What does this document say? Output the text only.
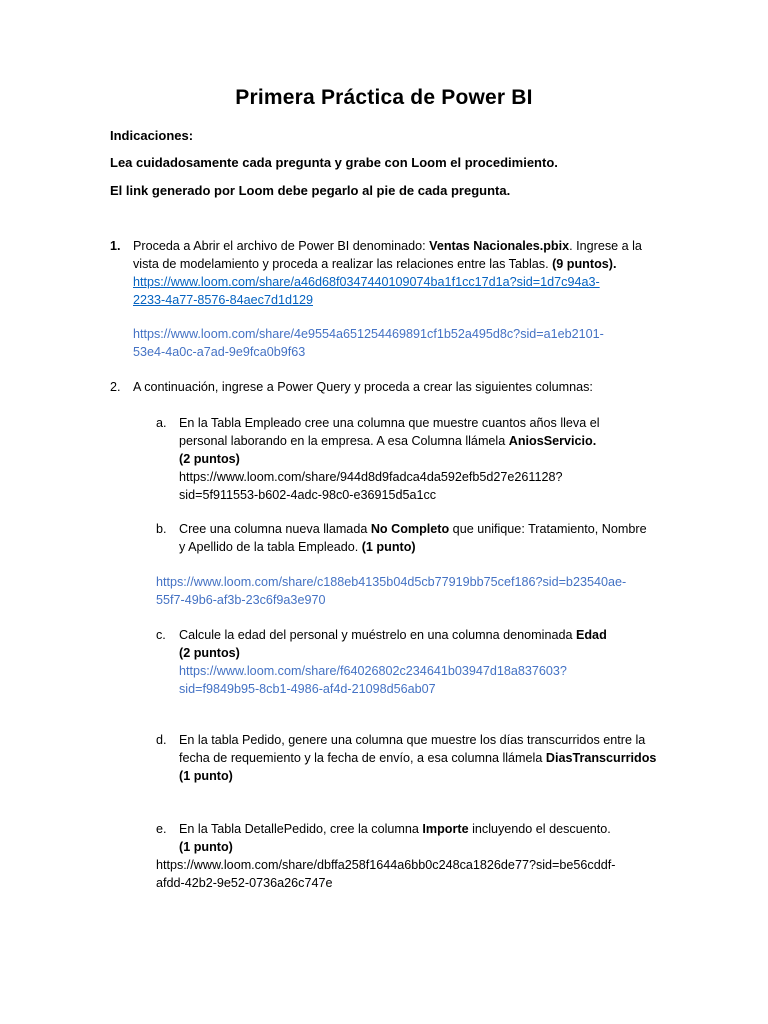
Primera Práctica de Power BI
Indicaciones:
Lea cuidadosamente cada pregunta y grabe con Loom el procedimiento.
El link generado por Loom debe pegarlo al pie de cada pregunta.
1. Proceda a Abrir el archivo de Power BI denominado: Ventas Nacionales.pbix. Ingrese a la
vista de modelamiento y proceda a realizar las relaciones entre las Tablas. (9 puntos).
https://www.loom.com/share/a46d68f0347440109074ba1f1cc17d1a?sid=1d7c94a3-
2233-4a77-8576-84aec7d1d129
https://www.loom.com/share/4e9554a651254469891cf1b52a495d8c?sid=a1eb2101-
53e4-4a0c-a7ad-9e9fca0b9f63
2. A continuación, ingrese a Power Query y proceda a crear las siguientes columnas:
a. En la Tabla Empleado cree una columna que muestre cuantos años lleva el
personal laborando en la empresa. A esa Columna llámela AniosServicio.
(2 puntos)
https://www.loom.com/share/944d8d9fadca4da592efb5d27e261128?
sid=5f911553-b602-4adc-98c0-e36915d5a1cc
b. Cree una columna nueva llamada No Completo que unifique: Tratamiento, Nombre
y Apellido de la tabla Empleado. (1 punto)
https://www.loom.com/share/c188eb4135b04d5cb77919bb75cef186?sid=b23540ae-
55f7-49b6-af3b-23c6f9a3e970
c. Calcule la edad del personal y muéstrelo en una columna denominada Edad
(2 puntos)
https://www.loom.com/share/f64026802c234641b03947d18a837603?
sid=f9849b95-8cb1-4986-af4d-21098d56ab07
d. En la tabla Pedido, genere una columna que muestre los días transcurridos entre la
fecha de requemiento y la fecha de envío, a esa columna llámela DiasTranscurridos
(1 punto)
e. En la Tabla DetallePedido, cree la columna Importe incluyendo el descuento.
(1 punto)
https://www.loom.com/share/dbffa258f1644a6bb0c248ca1826de77?sid=be56cddf-
afdd-42b2-9e52-0736a26c747e
